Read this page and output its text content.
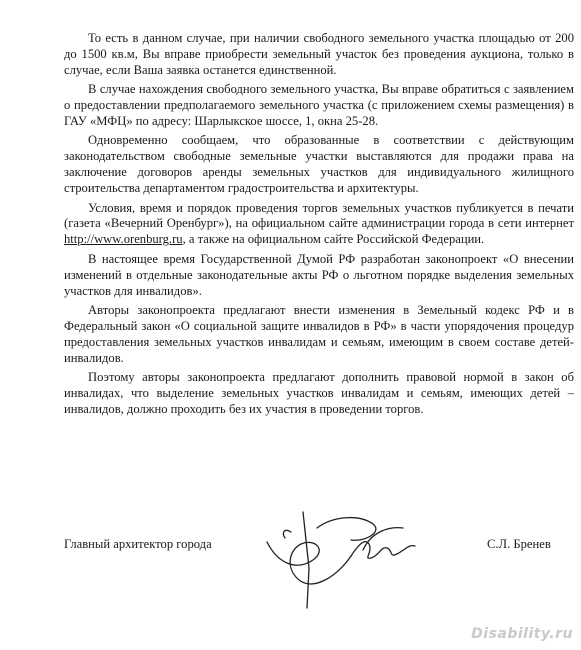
То есть в данном случае, при наличии свободного земельного участка площадью от 200 до 1500 кв.м, Вы вправе приобрести земельный участок без проведения аукциона, только в случае, если Ваша заявка останется единственной.

В случае нахождения свободного земельного участка, Вы вправе обратиться с заявлением о предоставлении предполагаемого земельного участка (с приложением схемы размещения) в ГАУ «МФЦ» по адресу: Шарлыкское шоссе, 1, окна 25-28.

Одновременно сообщаем, что образованные в соответствии с действующим законодательством свободные земельные участки выставляются для продажи права на заключение договоров аренды земельных участков для индивидуального жилищного строительства департаментом градостроительства и архитектуры.

Условия, время и порядок проведения торгов земельных участков публикуется в печати (газета «Вечерний Оренбург»), на официальном сайте администрации города в сети интернет http://www.orenburg.ru, а также на официальном сайте Российской Федерации.

В настоящее время Государственной Думой РФ разработан законопроект «О внесении изменений в отдельные законодательные акты РФ о льготном порядке выделения земельных участков для инвалидов».

Авторы законопроекта предлагают внести изменения в Земельный кодекс РФ и в Федеральный закон «О социальной защите инвалидов в РФ» в части упорядочения процедур предоставления земельных участков инвалидам и семьям, имеющим в своем составе детей-инвалидов.

Поэтому авторы законопроекта предлагают дополнить правовой нормой в закон об инвалидах, что выделение земельных участков инвалидам и семьям, имеющих детей – инвалидов, должно проходить без их участия в проведении торгов.

Главный архитектор города	С.Л. Бренев
Disability.ru
